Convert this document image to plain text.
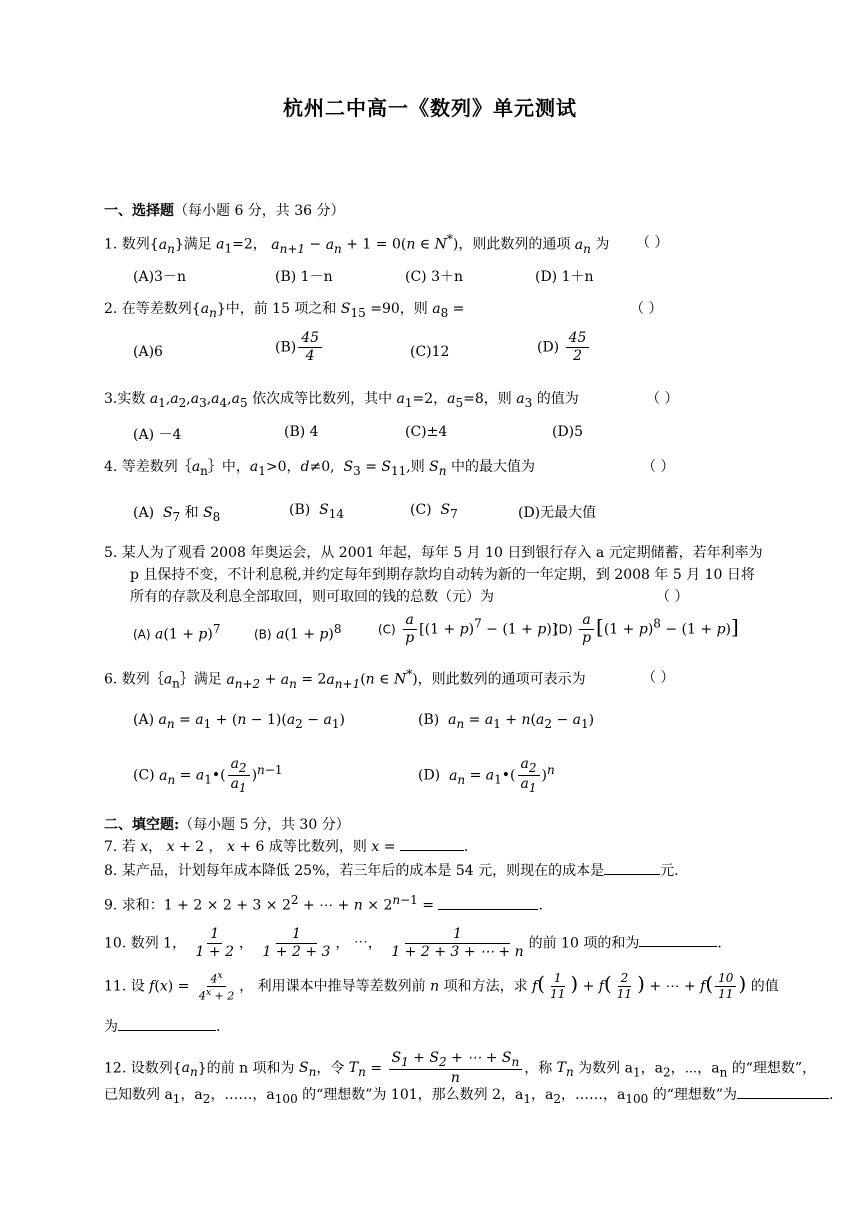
杭州二中高一《数列》单元测试
一、选择题（每小题 6 分，共 36 分）
1. 数列$\{a_n\}$满足 $a_1=2$， $a_{n+1} - a_n + 1 = 0(n$ ∈ N*)，则此数列的通项 $a_n$ 为 （ ）
(A)3－n	(B) 1－n	(C) 3＋n	(D) 1＋n
2. 在等差数列$\{a_n\}$中，前 15 项之和 $S_{15} =90$，则 $a_8$ =	（ ）
(A)6	$(B) \frac{45}{4}$	(C)12	$(D) \frac{45}{2}$
3.实数 $a_1,a_2,a_3,a_4,a_5$ 依次成等比数列，其中 $a_1=2$，$a_5=8$，则 $a_3$ 的值为	（ ）
(A) －4	(B) 4	(C)±4	(D)5
4. 等差数列$\{a_n\}$中，$a_1>0$，d≠0,  $S_3 = S_{11}$,则 $S_n$ 中的最大值为	（ ）
(A)  $S_7$ 和 $S_8$	(B)  $S_{14}$	(C)  $S_7$	(D)无最大值
5. 某人为了观看 2008 年奥运会，从 2001 年起，每年 5 月 10 日到银行存入 a 元定期储蓄，若年利率为
p 且保持不变，不计利息税,并约定每年到期存款均自动转为新的一年定期，到 2008 年 5 月 10 日将
所有的存款及利息全部取回，则可取回的钱的总数（元）为	（ ）
(A) $a(1 + p)^7$	(B) $a(1 + p)^8$	$(C) \frac{a}{p} [(1 + p)^7 - (1 + p)]$
$(D) \frac{a}{p} [(1 + p)^8 - (1 + p)]$
6. 数列$\{a_n\}$满足 $a_{n+2} + a_n = 2a_{n+1}(n$ ∈ N*)，则此数列的通项可表示为	（ ）
(A) $a_n = a_1 + (n - 1)(a_2 - a_1)$	(B)  $a_n = a_1 + n(a_2 - a_1)$
(C) $a_n$ = $a_1•( \frac{a_2}{a_1} )^{n-1}$	(D)  $a_n$ = $a_1•( \frac{a_2}{a_1} )^n$
二、填空题:（每小题 5 分，共 30 分）
7. 若 x， x + 2 ， x + 6 成等比数列，则 x =	.
8. 某产品，计划每年成本降低 25%，若三年后的成本是 54 元，则现在的成本是	元.
9. 求和：$1 + 2 \times 2 + 3 \times 2^2$ + ⋯ + $n \times 2^{n-1}$ =	.
10. 数列 1， $\frac{1}{1 + 2}$ ， $\frac{1}{1 + 2 + 3}$ ， ⋯， $\frac{1}{1 + 2 + 3 + \cdots + n}$ 的前 10 项的和为	.
11. 设 $f(x) = \frac{4^x}{4^x + 2}$ ， 利用课本中推导等差数列前 n 项和方法，求 $f( \frac{1}{11}$ ) + $f( \frac{2}{11}$ ) + ⋯ + $f( \frac{10}{11}$ ) 的值
为	.
12. 设数列$\{a_n\}$的前 n 项和为 $S_n$，令 $T_n = \frac{S_1 + S_2 + \cdots + S_n}{n}$ ，称 $T_n$ 为数列 $a_1$，$a_2$，⋯，$a_n$ 的“理想数”，
已知数列 $a_1$，$a_2$，……，$a_{100}$ 的“理想数”为 101，那么数列 2，$a_1$，$a_2$，……，$a_{100}$ 的“理想数”为	.
